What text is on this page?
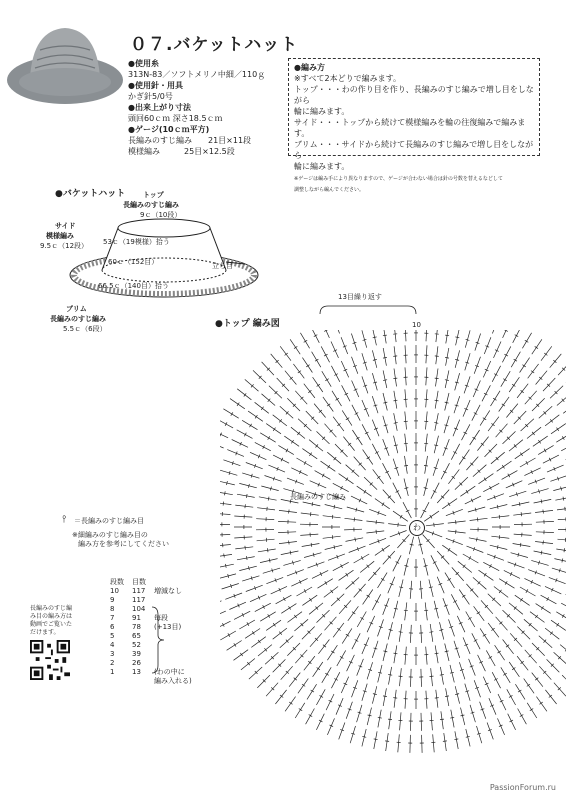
０７.バケットハット
●使用糸
313N-83／ソフトメリノ中細／110ｇ
●使用針・用具
かぎ針5/0号
●出来上がり寸法
頭回60ｃｍ 深さ18.5ｃｍ
●ゲージ(10ｃｍ平方)
長編みのすじ編み　　21目×11段
模様編み　　　25目×12.5段
●編み方
※すべて2本どりで編みます。
トップ・・・わの作り目を作り、長編みのすじ編みで増し目をしながら
輪に編みます。
サイド・・・トップから続けて模様編みを輪の往復編みで編みます。
ブリム・・・サイドから続けて長編みのすじ編みで増し目をしながら
輪に編みます。
※ゲージは編み手により異なりますので、ゲージが合わない場合は針の号数を替えるなどして
調整しながら編んでください。
●バケットハット	トップ
長編みのすじ編み
9ｃ（10段）
サイド
模様編み
9.5ｃ（12段） 53ｃ（19模様）拾う
60ｃ（152目）
66.5ｃ（140目）拾う
立ち目
ブリム
長編みのすじ編み
5.5ｃ（6段）	●トップ 編み図
13目繰り返す
10
長編みのすじ編み
わ
⫯ ＝長編みのすじ編み目
※細編みのすじ編み目の
編み方を参考にしてください
段数	目数	
10	117	増減なし
9	117	
8	104	
7	91	毎段
6	78	(+13目)
5	65	
4	52	
3	39	
2	26	
1	13	(わの中に
		編み入れる)
長編みのすじ編
み目の編み方は
動画でご覧いた
だけます。
PassionForum.ru
